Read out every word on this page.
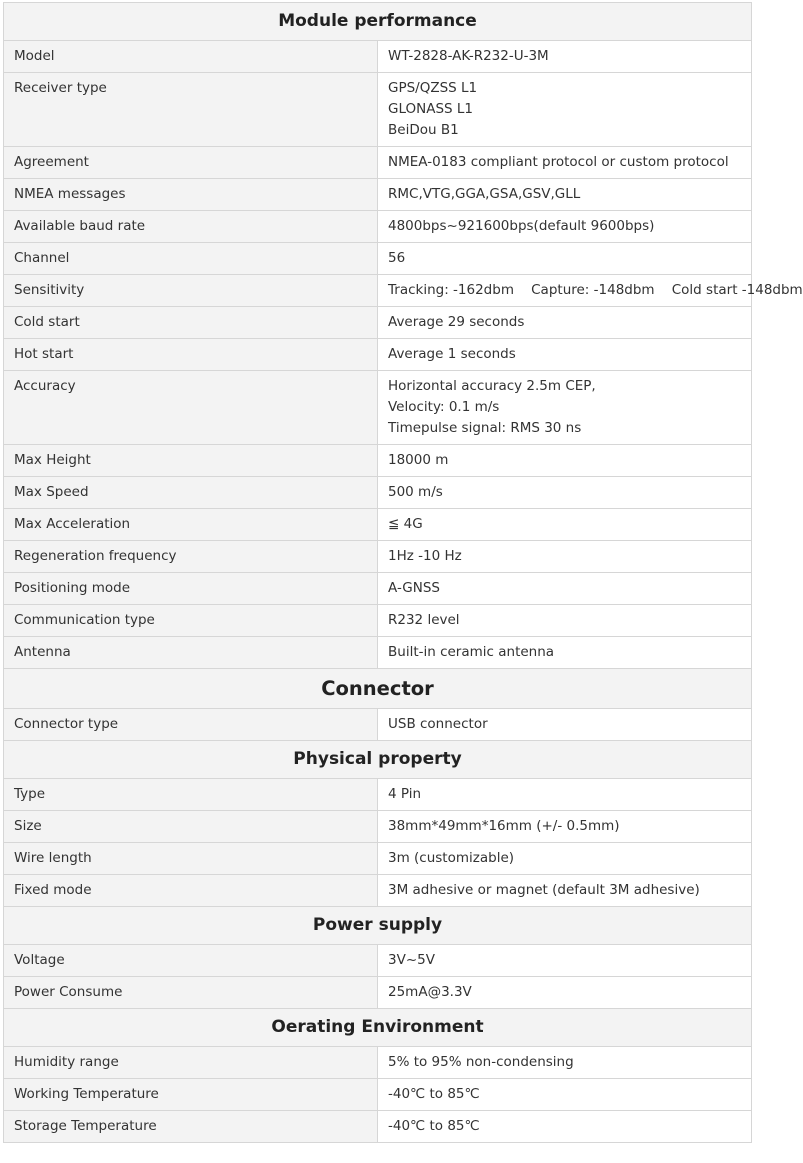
Module performance	
Model	WT-2828-AK-R232-U-3M

Receiver type	GPS/QZSS L1
GLONASS L1
BeiDou B1

Agreement	NMEA-0183 compliant protocol or custom protocol

NMEA messages	RMC,VTG,GGA,GSA,GSV,GLL

Available baud rate	4800bps~921600bps(default 9600bps)

Channel	56

Sensitivity	Tracking: -162dbm    Capture: -148dbm    Cold start -148dbm

Cold start	Average 29 seconds

Hot start	Average 1 seconds

Accuracy	Horizontal accuracy 2.5m CEP,
Velocity: 0.1 m/s
Timepulse signal: RMS 30 ns

Max Height	18000 m

Max Speed	500 m/s

Max Acceleration	≦ 4G

Regeneration frequency	1Hz -10 Hz

Positioning mode	A-GNSS

Communication type	R232 level

Antenna	Built-in ceramic antenna

Connector	
Connector type	USB connector

Physical property	
Type	4 Pin

Size	38mm*49mm*16mm (+/- 0.5mm)

Wire length	3m (customizable)

Fixed mode	3M adhesive or magnet (default 3M adhesive)

Power supply	
Voltage	3V~5V

Power Consume	25mA@3.3V

Oerating Environment	
Humidity range	5% to 95% non-condensing

Working Temperature	-40℃ to 85℃

Storage Temperature	-40℃ to 85℃
